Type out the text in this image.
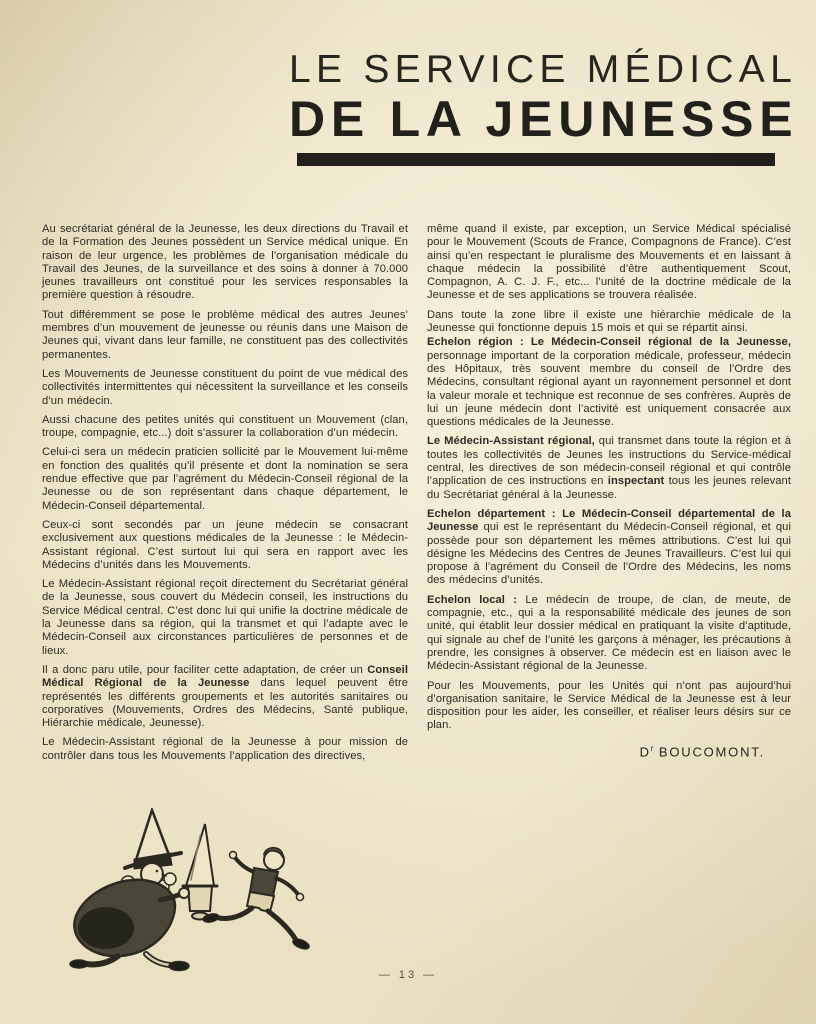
LE SERVICE MÉDICAL
DE LA JEUNESSE

Au secrétariat général de la Jeunesse, les deux directions du Travail et de la Formation des Jeunes possèdent un Service médical unique. En raison de leur urgence, les problèmes de l’organisation médicale du Travail des Jeunes, de la surveillance et des soins à donner à 70.000 jeunes travailleurs ont constitué pour les services responsables la première question à résoudre.

Tout différemment se pose le problème médical des autres Jeunes’ membres d’un mouvement de jeunesse ou réunis dans une Maison de Jeunes qui, vivant dans leur famille, ne constituent pas des collectivités permanentes.

Les Mouvements de Jeunesse constituent du point de vue médical des collectivités intermittentes qui nécessitent la surveillance et les conseils d’un médecin.

Aussi chacune des petites unités qui constituent un Mouvement (clan, troupe, compagnie, etc...) doit s’assurer la collaboration d’un médecin.

Celui-ci sera un médecin praticien sollicité par le Mouvement lui-même en fonction des qualités qu’il présente et dont la nomination se sera rendue effective que par l’agrément du Médecin-Conseil régional de la Jeunesse ou de son représentant dans chaque département, le Médecin-Conseil départemental.

Ceux-ci sont secondés par un jeune médecin se consacrant exclusivement aux questions médicales de la Jeunesse : le Médecin-Assistant régional. C’est surtout lui qui sera en rapport avec les Médecins d’unités dans les Mouvements.

Le Médecin-Assistant régional reçoit directement du Secrétariat général de la Jeunesse, sous couvert du Médecin conseil, les instructions du Service Médical central. C’est donc lui qui unifie la doctrine médicale de la Jeunesse dans sa région, qui la transmet et qui l’adapte avec le Médecin-Conseil aux circonstances particulières de personnes et de lieux.

Il a donc paru utile, pour faciliter cette adaptation, de créer un Conseil Médical Régional de la Jeunesse dans lequel peuvent être représentés les différents groupements et les autorités sanitaires ou corporatives (Mouvements, Ordres des Médecins, Santé publique, Hiérarchie médicale, Jeunesse).

Le Médecin-Assistant régional de la Jeunesse à pour mission de contrôler dans tous les Mouvements l’application des directives,

même quand il existe, par exception, un Service Médical spécialisé pour le Mouvement (Scouts de France, Compagnons de France). C’est ainsi qu’en respectant le pluralisme des Mouvements et en laissant à chaque médecin la possibilité d’être authentiquement Scout, Compagnon, A. C. J. F., etc... l’unité de la doctrine médicale de la Jeunesse et de ses applications se trouvera réalisée.

Dans toute la zone libre il existe une hiérarchie médicale de la Jeunesse qui fonctionne depuis 15 mois et qui se répartit ainsi.

Echelon région : Le Médecin-Conseil régional de la Jeunesse, personnage important de la corporation médicale, professeur, médecin des Hôpitaux, très souvent membre du conseil de l’Ordre des Médecins, consultant régional ayant un rayonnement personnel et dont la valeur morale et technique est reconnue de ses confrères. Auprès de lui un jeune médecin dont l’activité est uniquement consacrée aux questions médicales de la Jeunesse.

Le Médecin-Assistant régional, qui transmet dans toute la région et à toutes les collectivités de Jeunes les instructions du Service-médical central, les directives de son médecin-conseil régional et qui contrôle l’application de ces instructions en inspectant tous les jeunes relevant du Secrétariat général à la Jeunesse.

Echelon département : Le Médecin-Conseil départemental de la Jeunesse qui est le représentant du Médecin-Conseil régional, et qui possède pour son département les mêmes attributions. C’est lui qui désigne les Médecins des Centres de Jeunes Travailleurs. C’est lui qui propose à l’agrément du Conseil de l’Ordre des Médecins, les noms des médecins d’unités.

Echelon local : Le médecin de troupe, de clan, de meute, de compagnie, etc., qui a la responsabilité médicale des jeunes de son unité, qui établit leur dossier médical en pratiquant la visite d’aptitude, qui signale au chef de l’unité les garçons à ménager, les précautions à prendre, les consignes à observer. Ce médecin est en liaison avec le Médecin-Assistant régional de la Jeunesse.

Pour les Mouvements, pour les Unités qui n’ont pas aujourd’hui d’organisation sanitaire, le Service Médical de la Jeunesse est à leur disposition pour les aider, les conseiller, et réaliser leurs désirs sur ce plan.

$D^r$ BOUCOMONT.
— 13 —
